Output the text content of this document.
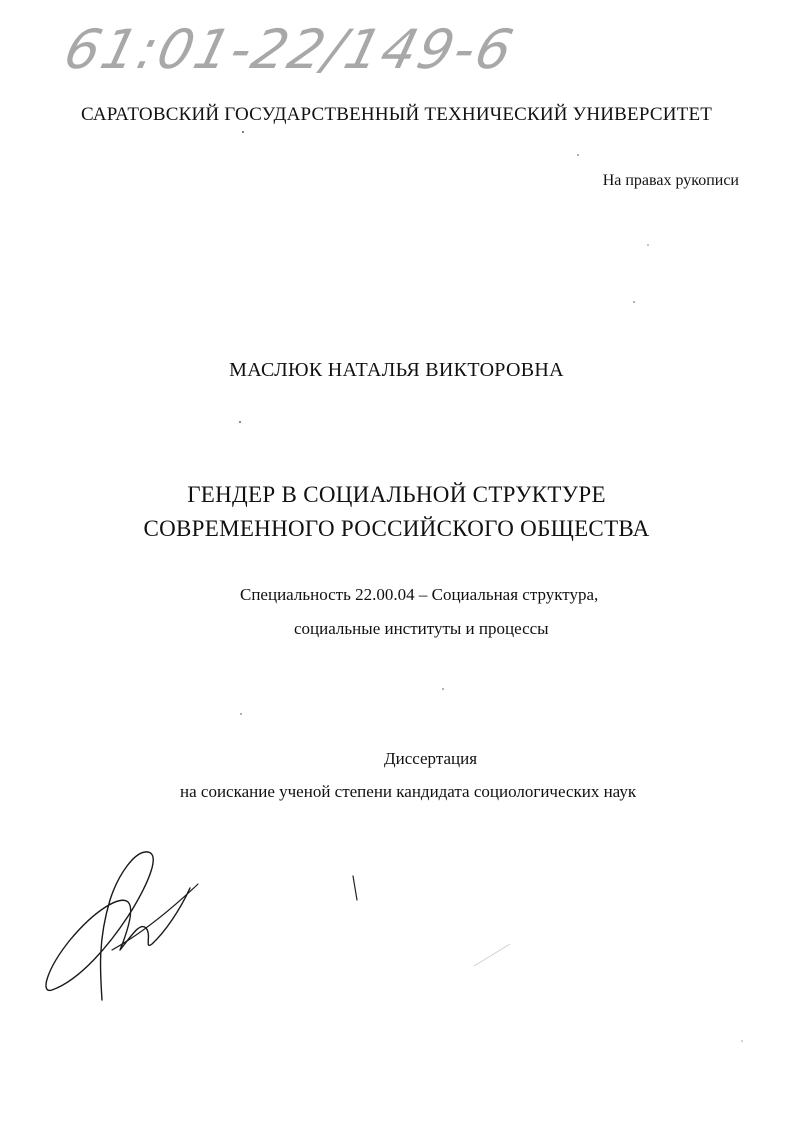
61:01-22/149-6
САРАТОВСКИЙ ГОСУДАРСТВЕННЫЙ ТЕХНИЧЕСКИЙ УНИВЕРСИТЕТ
На правах рукописи
МАСЛЮК НАТАЛЬЯ ВИКТОРОВНА
ГЕНДЕР В СОЦИАЛЬНОЙ СТРУКТУРЕ
СОВРЕМЕННОГО РОССИЙСКОГО ОБЩЕСТВА
Специальность 22.00.04 – Социальная структура,
социальные институты и процессы
Диссертация
на соискание ученой степени кандидата социологических наук
